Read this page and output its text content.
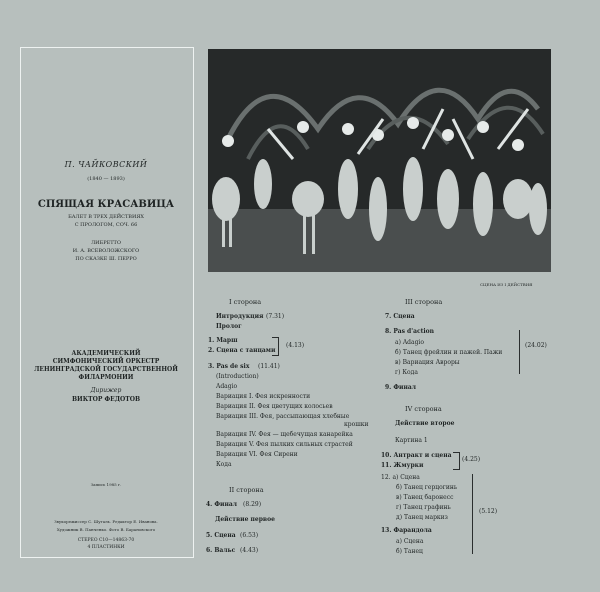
П. ЧАЙКОВСКИЙ
(1840 — 1893)
СПЯЩАЯ КРАСАВИЦА
БАЛЕТ В ТРЕХ ДЕЙСТВИЯХ
С ПРОЛОГОМ, СОЧ. 66
ЛИБРЕТТО
И. А. ВСЕВОЛОЖСКОГО
ПО СКАЗКЕ Ш. ПЕРРО
АКАДЕМИЧЕСКИЙ
СИМФОНИЧЕСКИЙ ОРКЕСТР
ЛЕНИНГРАДСКОЙ ГОСУДАРСТВЕННОЙ
ФИЛАРМОНИИ
Дирижер
ВИКТОР ФЕДОТОВ
Запись 1985 г.
Звукорежиссер С. Шугаль. Редактор Е. Иванова.
Художник В. Панченко. Фото В. Барановского
СТЕРЕО С10—14863-70
4 ПЛАСТИНКИ
СЦЕНА ИЗ I ДЕЙСТВИЯ
I сторона
Интродукция (7.31)
Пролог
1. Марш
2. Сцена с танцами
(4.13)
3. Pas de six (11.41)
(Introduction)
Adagio
Вариация I. Фея искренности
Вариация II. Фея цветущих колосьев
Вариация III. Фея, рассыпающая хлебные
крошки
Вариация IV. Фея — щебечущая канарейка
Вариация V. Фея пылких сильных страстей
Вариация VI. Фея Сирени
Кода
II сторона
4. Финал (8.29)
Действие первое
5. Сцена (6.53)
6. Вальс (4.43)
III сторона
7. Сцена
8. Pas d'action
а) Adagio
б) Танец фрейлин и пажей. Пажи
в) Вариация Авроры
г) Кода
(24.02)
9. Финал
IV сторона
Действие второе
Картина 1
10. Антракт и сцена
11. Жмурки
(4.25)
12. а) Сцена
б) Танец герцогинь
в) Танец баронесс
г) Танец графинь
д) Танец маркиз
(5.12)
13. Фарандола
а) Сцена
б) Танец
